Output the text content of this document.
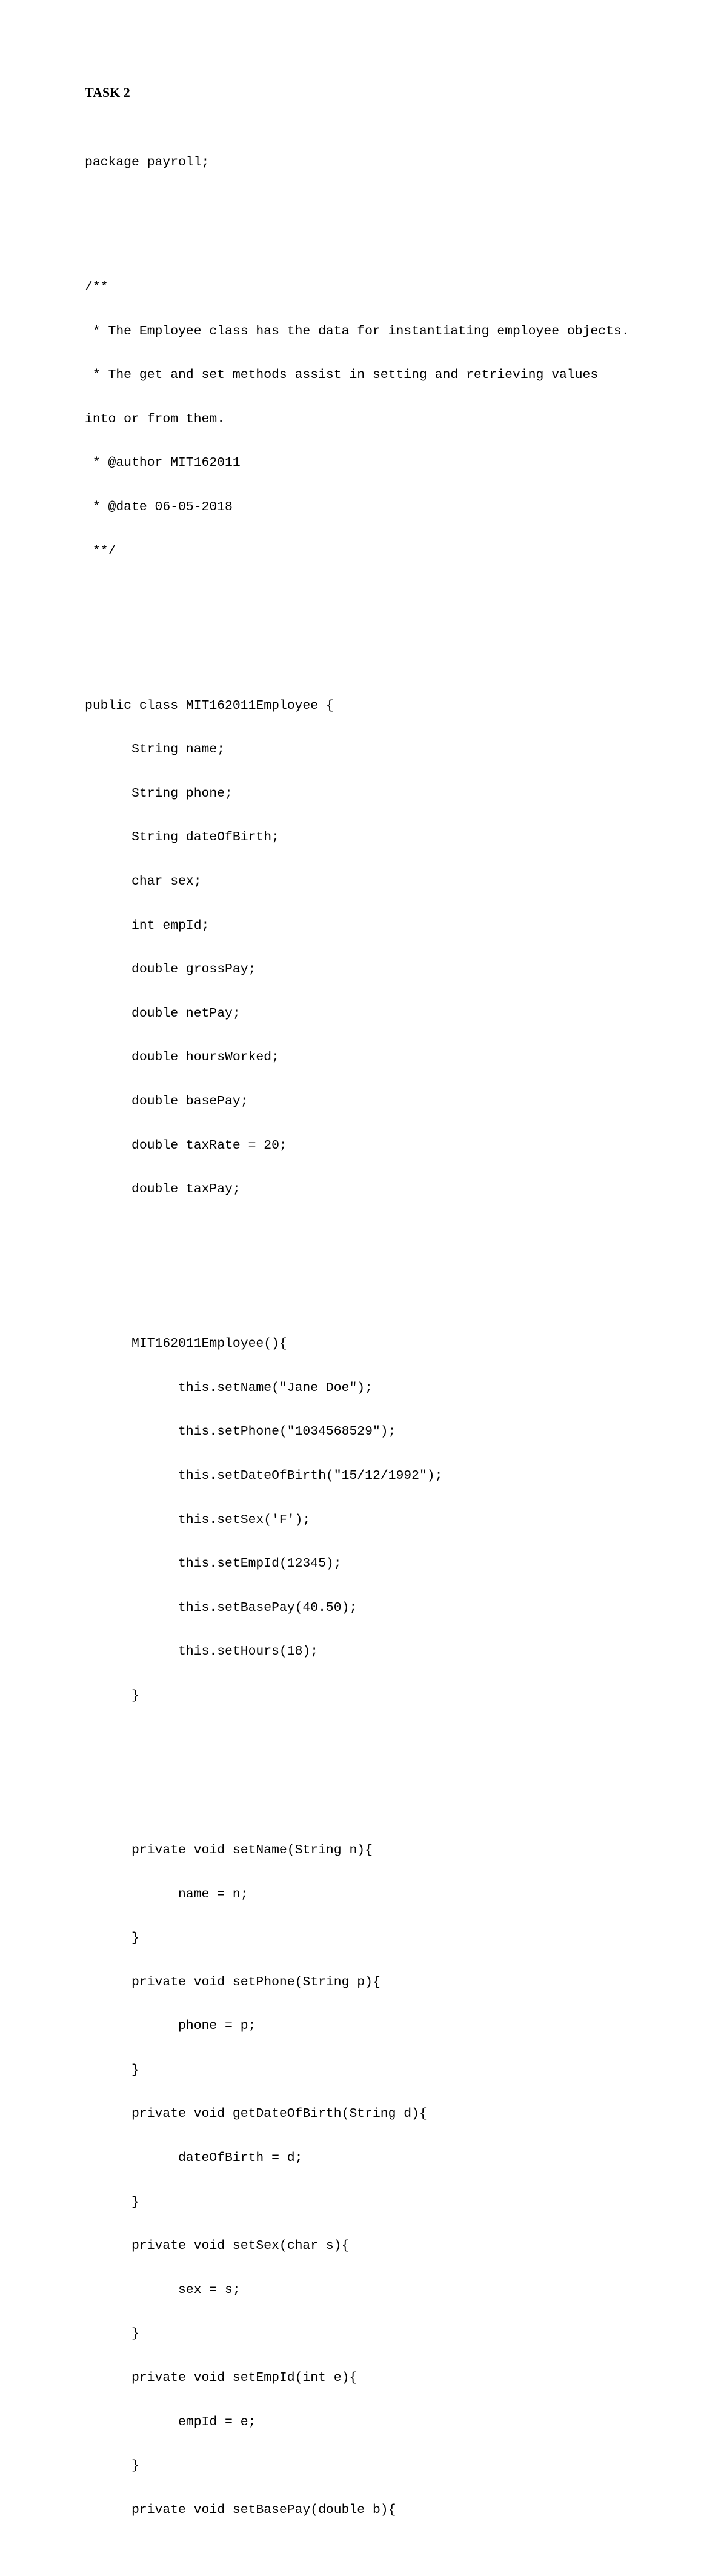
TASK 2

package payroll;

/**

* The Employee class has the data for instantiating employee objects.

* The get and set methods assist in setting and retrieving values

into or from them.

* @author MIT162011

* @date 06-05-2018

**/

public class MIT162011Employee {

String name;

String phone;

String dateOfBirth;

char sex;

int empId;

double grossPay;

double netPay;

double hoursWorked;

double basePay;

double taxRate = 20;

double taxPay;

MIT162011Employee(){

this.setName("Jane Doe");

this.setPhone("1034568529");

this.setDateOfBirth("15/12/1992");

this.setSex('F');

this.setEmpId(12345);

this.setBasePay(40.50);

this.setHours(18);

}

private void setName(String n){

name = n;

}

private void setPhone(String p){

phone = p;

}

private void getDateOfBirth(String d){

dateOfBirth = d;

}

private void setSex(char s){

sex = s;

}

private void setEmpId(int e){

empId = e;

}

private void setBasePay(double b){
